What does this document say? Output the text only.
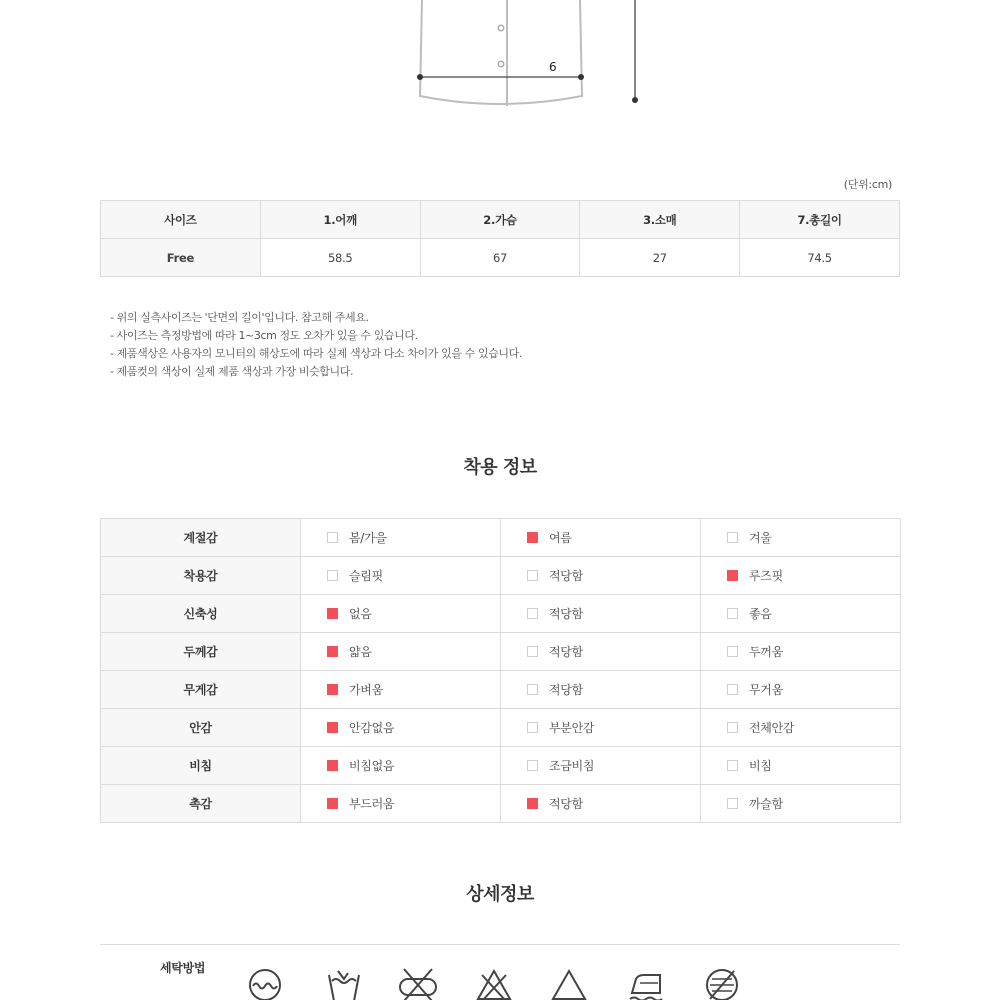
6
(단위:cm)
사이즈	1.어깨	2.가슴	3.소매	7.총길이
Free	58.5	67	27	74.5
- 위의 실측사이즈는 '단면의 길이'입니다. 참고해 주세요.
- 사이즈는 측정방법에 따라 1~3cm 정도 오차가 있을 수 있습니다.
- 제품색상은 사용자의 모니터의 해상도에 따라 실제 색상과 다소 차이가 있을 수 있습니다.
- 제품컷의 색상이 실제 제품 색상과 가장 비슷합니다.
착용 정보
계절감	봄/가을	여름	겨울
착용감	슬림핏	적당함	루즈핏
신축성	없음	적당함	좋음
두께감	얇음	적당함	두꺼움
무게감	가벼움	적당함	무거움
안감	안감없음	부분안감	전체안감
비침	비침없음	조금비침	비침
촉감	부드러움	적당함	까슬함
상세정보
세탁방법
